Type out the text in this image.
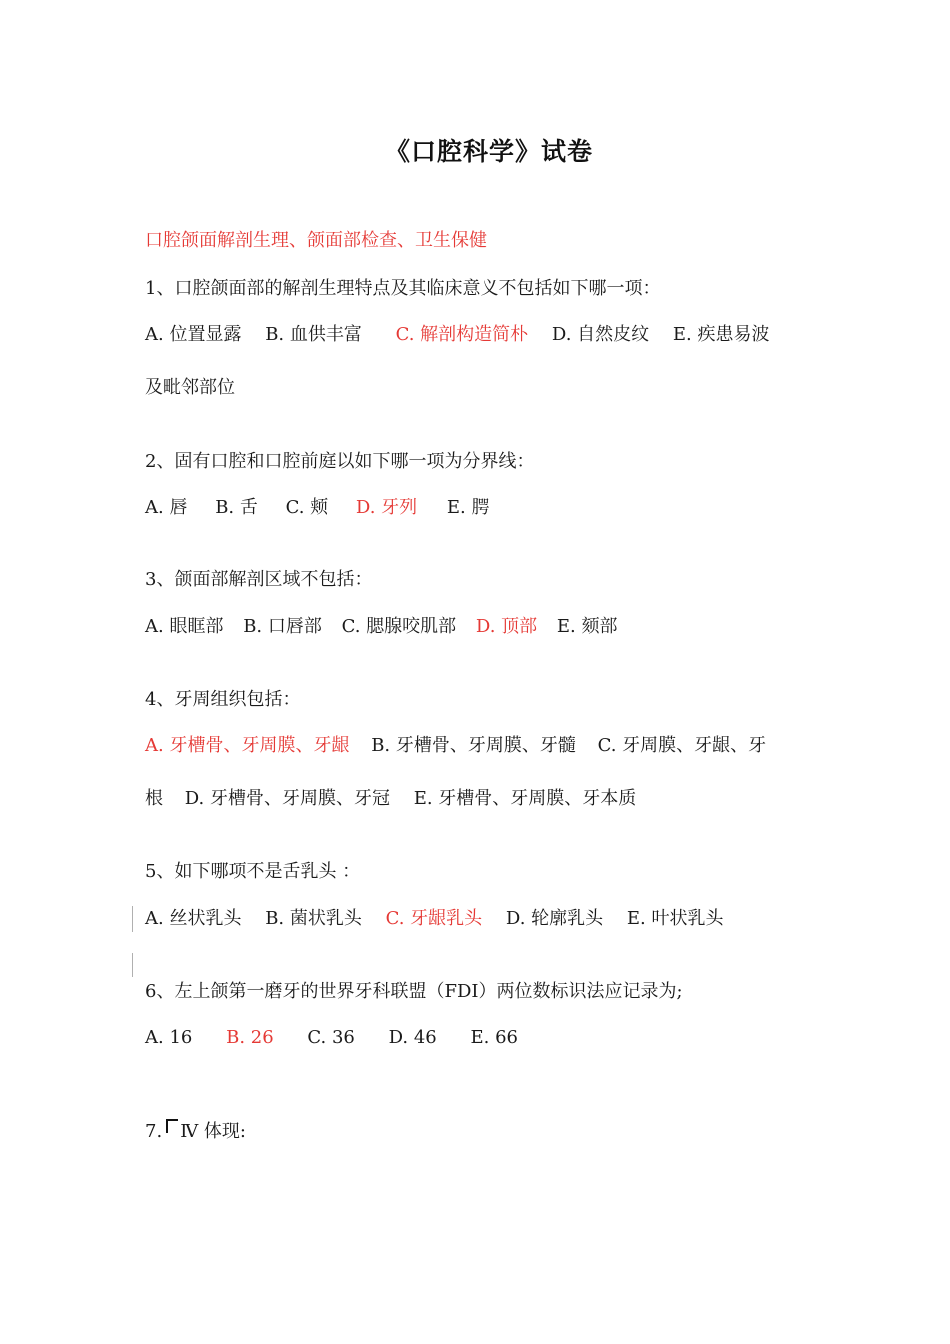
《口腔科学》试卷
口腔颌面解剖生理、颌面部检查、卫生保健
1、口腔颌面部的解剖生理特点及其临床意义不包括如下哪一项：
A. 位置显露 B. 血供丰富 C. 解剖构造简朴 D. 自然皮纹 E. 疾患易波
及毗邻部位
2、固有口腔和口腔前庭以如下哪一项为分界线：
A. 唇 B. 舌 C. 颊 D. 牙列 E. 腭
3、颌面部解剖区域不包括：
A. 眼眶部 B. 口唇部 C. 腮腺咬肌部 D. 顶部 E. 颏部
4、牙周组织包括：
A. 牙槽骨、牙周膜、牙龈 B. 牙槽骨、牙周膜、牙髓 C. 牙周膜、牙龈、牙
根 D. 牙槽骨、牙周膜、牙冠 E. 牙槽骨、牙周膜、牙本质
5、如下哪项不是舌乳头 ：
A. 丝状乳头 B. 菌状乳头 C. 牙龈乳头 D. 轮廓乳头 E. 叶状乳头
6、左上颌第一磨牙的世界牙科联盟（FDI）两位数标识法应记录为;
A. 16 B. 26 C. 36 D. 46 E. 66
7. Ⅳ 体现:
